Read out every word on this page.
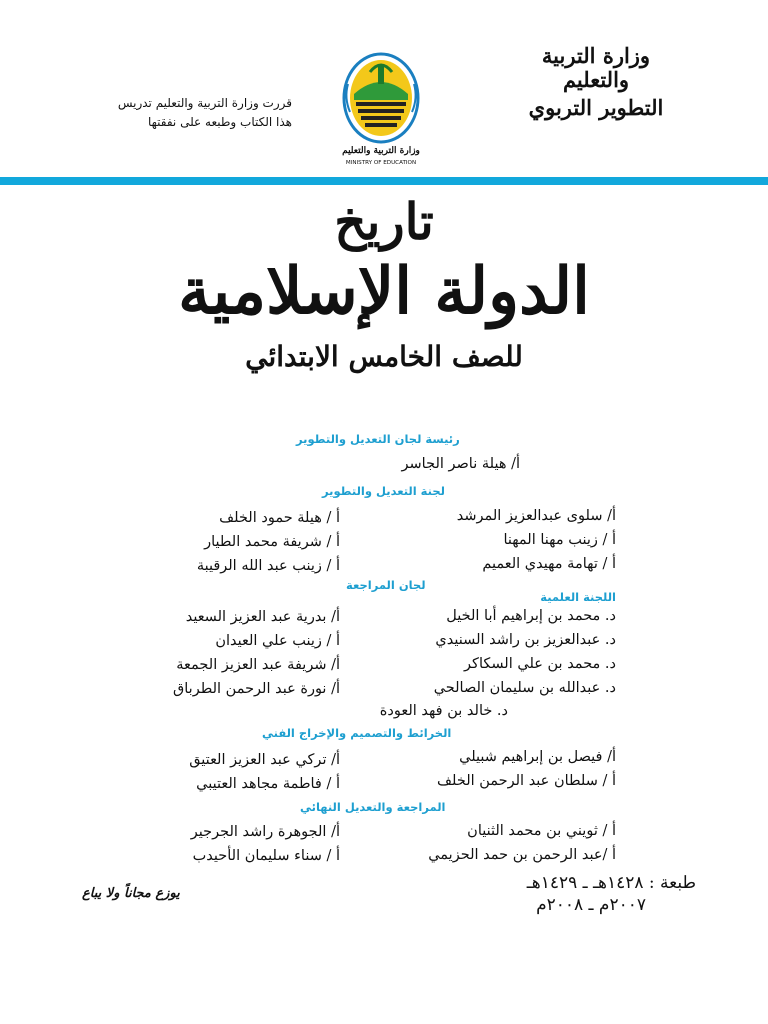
وزارة التربية والتعليم
التطوير التربوي
وزارة التربية والتعليم
MINISTRY OF EDUCATION
قررت وزارة التربية والتعليم تدريس
هذا الكتاب وطبعه على نفقتها
تاريخ
الدولة الإسلامية
للصف الخامس الابتدائي
رئيسة لجان التعديل والتطوير
أ/ هيلة ناصر الجاسر
لجنة التعديل والتطوير
أ/ سلوى عبدالعزيز المرشد
أ / زينب مهنا المهنا
أ / تهامة مهيدي العميم
أ / هيلة حمود الخلف
أ / شريفة محمد الطيار
أ / زينب عبد الله الرقيبة
لجان المراجعة
اللجنة العلمية
د. محمد بن إبراهيم أبا الخيل
د. عبدالعزيز بن راشد السنيدي
د. محمد بن علي السكاكر
د. عبدالله بن سليمان الصالحي
أ/ بدرية عبد العزيز السعيد
أ / زينب علي العيدان
أ/ شريفة عبد العزيز الجمعة
أ/ نورة عبد الرحمن الطرباق
د. خالد بن فهد العودة
الخرائط والتصميم والإخراج الفني
أ/ فيصل بن إبراهيم شبيلي
أ / سلطان عبد الرحمن الخلف
أ/ تركي عبد العزيز العتيق
أ / فاطمة مجاهد العتيبي
المراجعة والتعديل النهائي
أ / ثويني بن محمد الثنيان
أ /عبد الرحمن بن حمد الحزيمي
أ/ الجوهرة راشد الجرجير
أ / سناء سليمان الأحيدب
طبعة : ١٤٢٨هـ ـ ١٤٢٩هـ
٢٠٠٧م ـ ٢٠٠٨م
يوزع مجاناً ولا يباع
